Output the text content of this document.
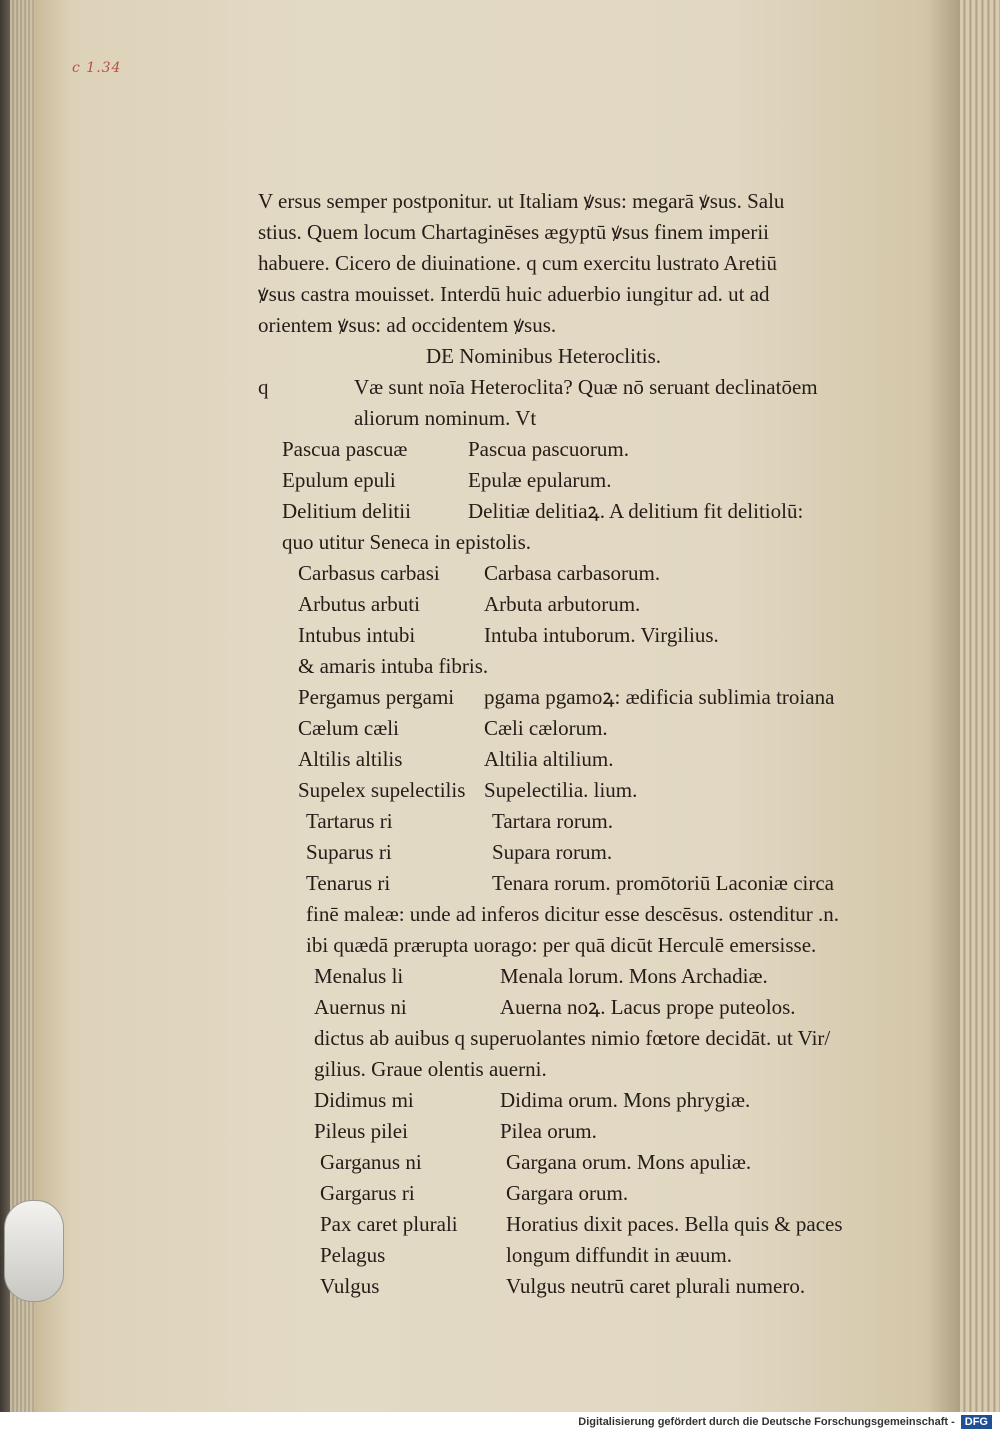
c 1.34
V ersus semper postponitur. ut Italiam ꝟsus: megarā ꝟsus. Salu
stius. Quem locum Chartaginēses ægyptū ꝟsus finem imperii
habuere. Cicero de diuinatione. q cum exercitu lustrato Aretiū
ꝟsus castra mouisset. Interdū huic aduerbio iungitur ad. ut ad
orientem ꝟsus: ad occidentem ꝟsus.
DE Nominibus Heteroclitis.
q	Væ sunt noīa Heteroclita? Quæ nō seruant declinatōem
aliorum nominum. Vt
Pascua pascuæ	Pascua pascuorum.
Epulum epuli	Epulæ epularum.
Delitium delitii	Delitiæ delitiaꝝ. A delitium fit delitiolū:
quo utitur Seneca in epistolis.
Carbasus carbasi	Carbasa carbasorum.
Arbutus arbuti	Arbuta arbutorum.
Intubus intubi	Intuba intuborum. Virgilius.
& amaris intuba fibris.
Pergamus pergami	pgama pgamoꝝ: ædificia sublimia troiana
Cælum cæli	Cæli cælorum.
Altilis altilis	Altilia altilium.
Supelex supelectilis Supelectilia. lium.
Tartarus ri	Tartara rorum.
Suparus ri	Supara rorum.
Tenarus ri	Tenara rorum. promōtoriū Laconiæ circa
finē maleæ: unde ad inferos dicitur esse descēsus. ostenditur .n.
ibi quædā prærupta uorago: per quā dicūt Herculē emersisse.
Menalus li	Menala lorum. Mons Archadiæ.
Auernus ni	Auerna noꝝ. Lacus prope puteolos.
dictus ab auibus q superuolantes nimio fœtore decidāt. ut Vir/
gilius. Graue olentis auerni.
Didimus mi	Didima orum. Mons phrygiæ.
Pileus pilei	Pilea orum.
Garganus ni	Gargana orum. Mons apuliæ.
Gargarus ri	Gargara orum.
Pax caret plurali	Horatius dixit paces. Bella quis & paces
Pelagus	longum diffundit in æuum.
Vulgus	Vulgus neutrū caret plurali numero.
Digitalisierung gefördert durch die Deutsche Forschungsgemeinschaft - DFG
